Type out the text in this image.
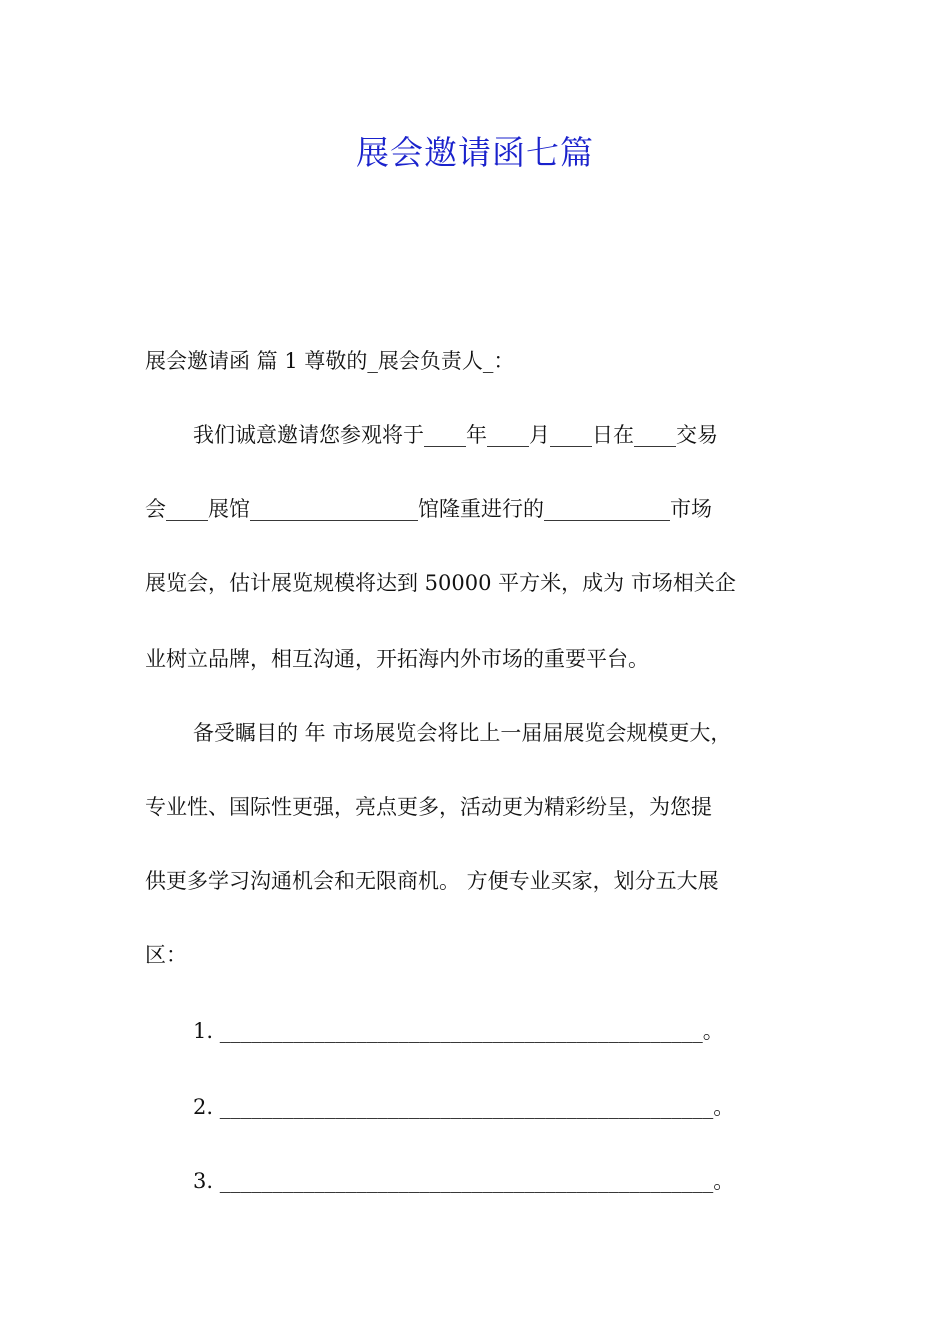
展会邀请函七篇
展会邀请函 篇 1 尊敬的_展会负责人_：
我们诚意邀请您参观将于____年____月____日在____交易
会____展馆________________馆隆重进行的____________市场
展览会，估计展览规模将达到 50000 平方米，成为 市场相关企
业树立品牌，相互沟通，开拓海内外市场的重要平台。
备受瞩目的 年 市场展览会将比上一届届展览会规模更大，
专业性、国际性更强，亮点更多，活动更为精彩纷呈，为您提
供更多学习沟通机会和无限商机。 方便专业买家，划分五大展
区：
1. ______________________________________________。
2. _______________________________________________。
3. _______________________________________________。
